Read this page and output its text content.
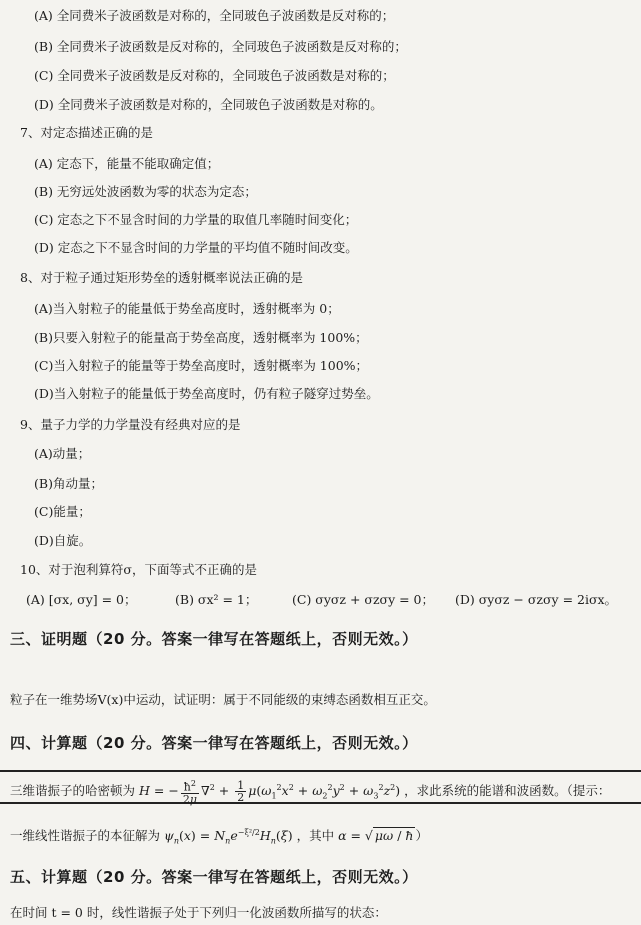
(A) 全同费米子波函数是对称的，全同玻色子波函数是反对称的；
(B) 全同费米子波函数是反对称的，全同玻色子波函数是反对称的；
(C) 全同费米子波函数是反对称的，全同玻色子波函数是对称的；
(D) 全同费米子波函数是对称的，全同玻色子波函数是对称的。
7、对定态描述正确的是
(A) 定态下，能量不能取确定值；
(B) 无穷远处波函数为零的状态为定态；
(C) 定态之下不显含时间的力学量的取值几率随时间变化；
(D) 定态之下不显含时间的力学量的平均值不随时间改变。
8、对于粒子通过矩形势垒的透射概率说法正确的是
(A)当入射粒子的能量低于势垒高度时，透射概率为 0；
(B)只要入射粒子的能量高于势垒高度，透射概率为 100%；
(C)当入射粒子的能量等于势垒高度时，透射概率为 100%；
(D)当入射粒子的能量低于势垒高度时，仍有粒子隧穿过势垒。
9、量子力学的力学量没有经典对应的是
(A)动量；
(B)角动量；
(C)能量；
(D)自旋。
10、对于泡利算符σ，下面等式不正确的是
(A) [σx, σy] = 0；	(B) σx² = 1；	(C) σyσz + σzσy = 0； (D) σyσz − σzσy = 2iσx。
三、证明题（20 分。答案一律写在答题纸上，否则无效。）
粒子在一维势场V(x)中运动，试证明：属于不同能级的束缚态函数相互正交。
四、计算题（20 分。答案一律写在答题纸上，否则无效。）
三维谐振子的哈密顿为 H = − $\frac{ħ^2}{2\mu} \nabla^2 + \frac{1}{2} \mu(\omega_1^2x^2 + \omega_2^2y^2 + \omega_3^2z^2)$ ，求此系统的能谱和波函数。（提示：
一维线性谐振子的本征解为 $\psi_n(x) = N_ne^{-\xi^2/2}H_n(\xi)$ ，其中 α = √ μω / ħ ）
五、计算题（20 分。答案一律写在答题纸上，否则无效。）
在时间 t = 0 时，线性谐振子处于下列归一化波函数所描写的状态：
